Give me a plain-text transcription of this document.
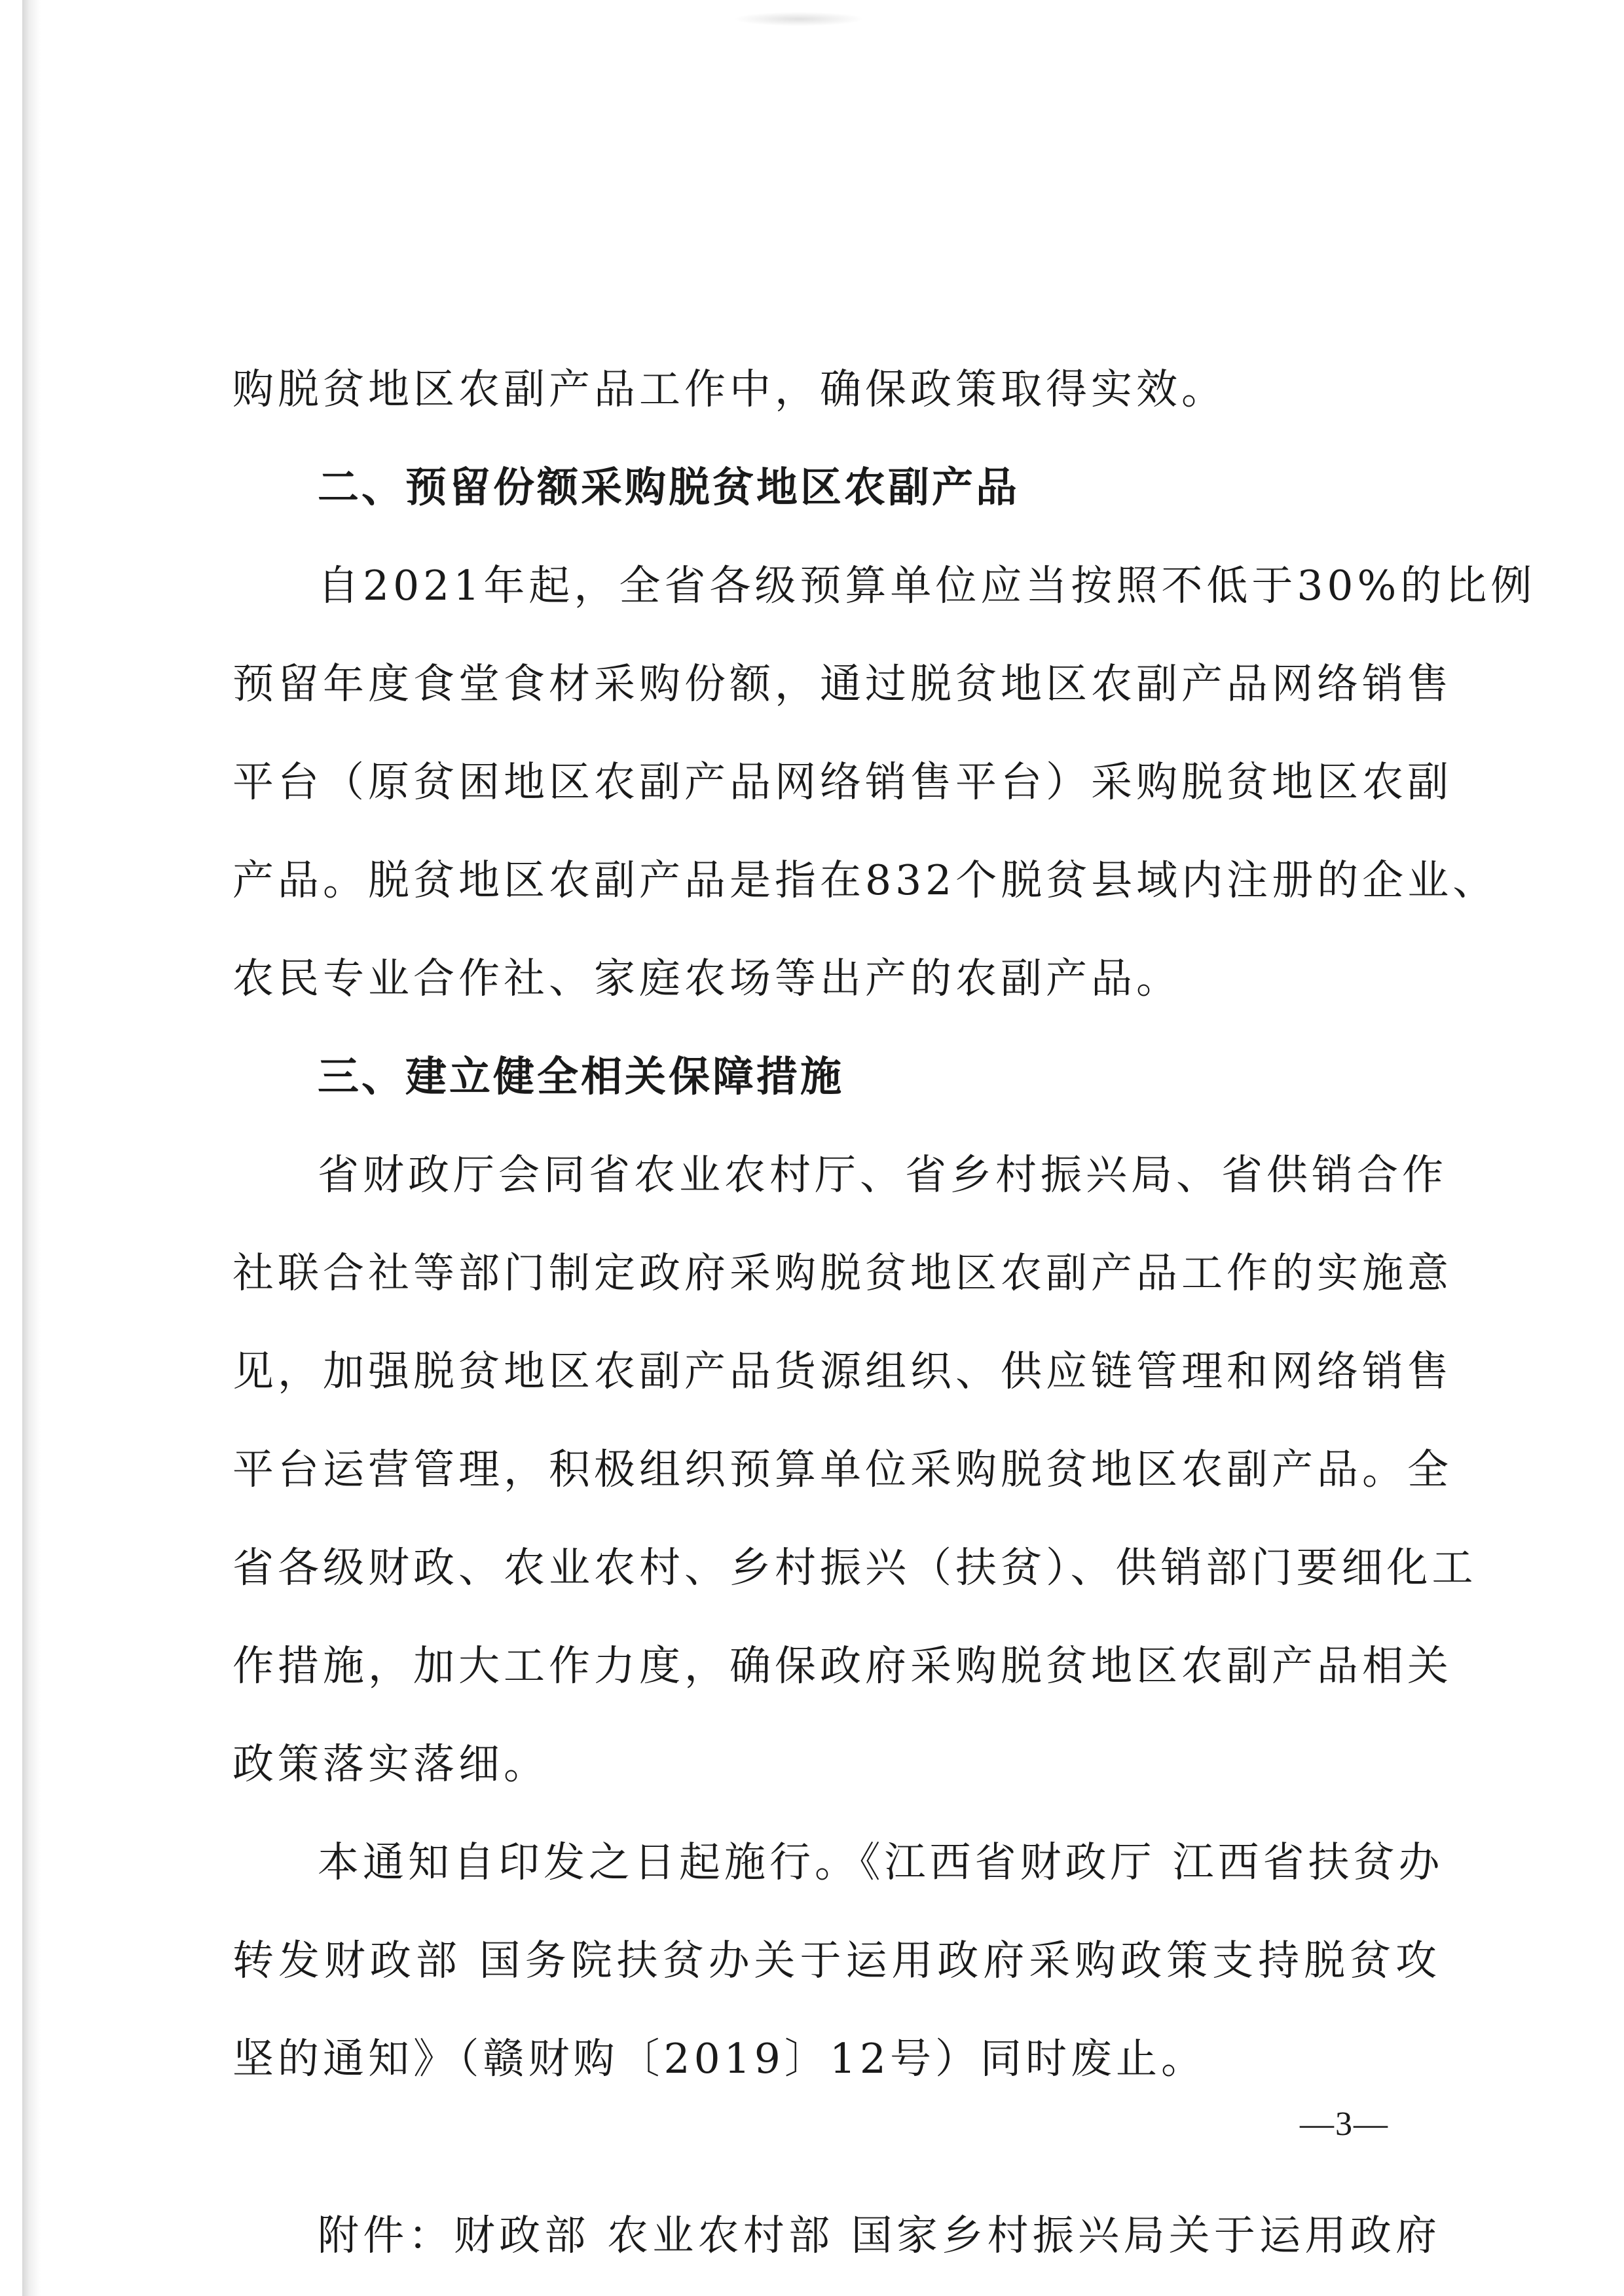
购脱贫地区农副产品工作中，确保政策取得实效。
二、预留份额采购脱贫地区农副产品
自2021年起，全省各级预算单位应当按照不低于30%的比例
预留年度食堂食材采购份额，通过脱贫地区农副产品网络销售
平台（原贫困地区农副产品网络销售平台）采购脱贫地区农副
产品。脱贫地区农副产品是指在832个脱贫县域内注册的企业、
农民专业合作社、家庭农场等出产的农副产品。
三、建立健全相关保障措施
省财政厅会同省农业农村厅、省乡村振兴局、省供销合作
社联合社等部门制定政府采购脱贫地区农副产品工作的实施意
见，加强脱贫地区农副产品货源组织、供应链管理和网络销售
平台运营管理，积极组织预算单位采购脱贫地区农副产品。全
省各级财政、农业农村、乡村振兴（扶贫）、供销部门要细化工
作措施，加大工作力度，确保政府采购脱贫地区农副产品相关
政策落实落细。
本通知自印发之日起施行。《江西省财政厅 江西省扶贫办
转发财政部 国务院扶贫办关于运用政府采购政策支持脱贫攻
坚的通知》（赣财购〔2019〕12号）同时废止。
附件：财政部 农业农村部 国家乡村振兴局关于运用政府
—3—
